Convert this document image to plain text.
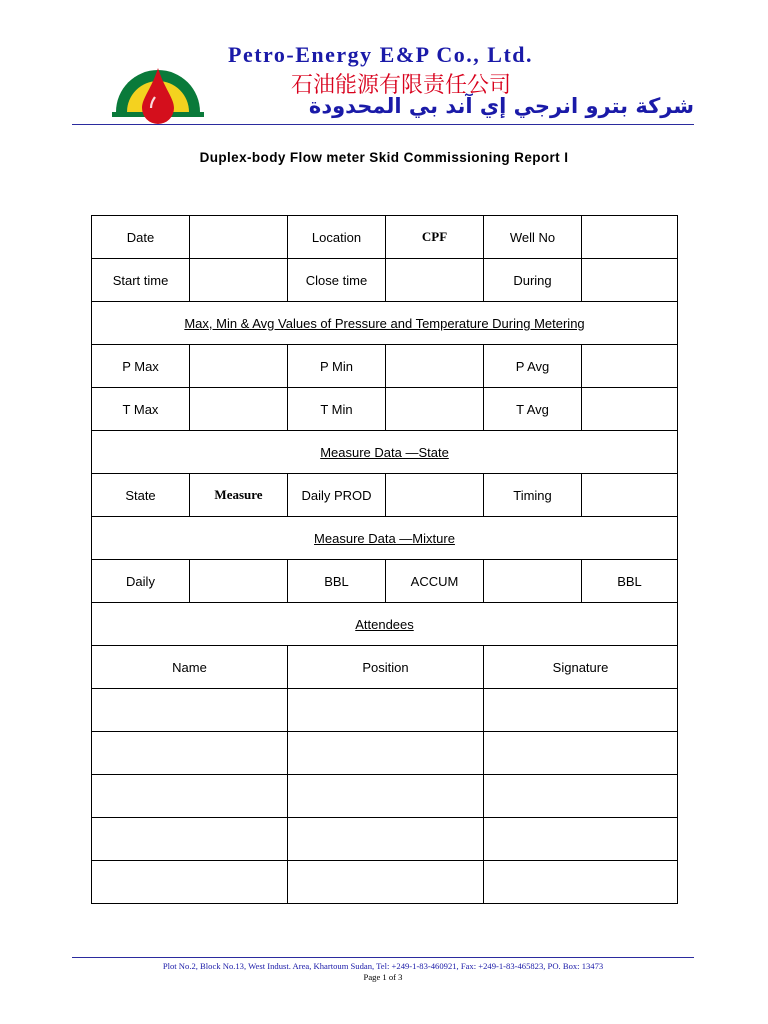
Petro-Energy E&P Co., Ltd.
石油能源有限责任公司
شركة بترو انرجي إي آند بي المحدودة
Duplex-body Flow meter Skid Commissioning Report I
Date		Location	CPF	Well No	
Start time		Close time		During	
Max, Min & Avg Values of Pressure and Temperature During Metering					
P Max		P Min		P Avg	
T Max		T Min		T Avg	
Measure Data —State					
State	Measure	Daily PROD		Timing	
Measure Data —Mixture					
Daily		BBL	ACCUM		BBL
Attendees					
Name		Position		Signature	

Plot No.2, Block No.13, West Indust. Area, Khartoum Sudan, Tel: +249-1-83-460921, Fax: +249-1-83-465823, PO. Box: 13473
Page 1 of 3
